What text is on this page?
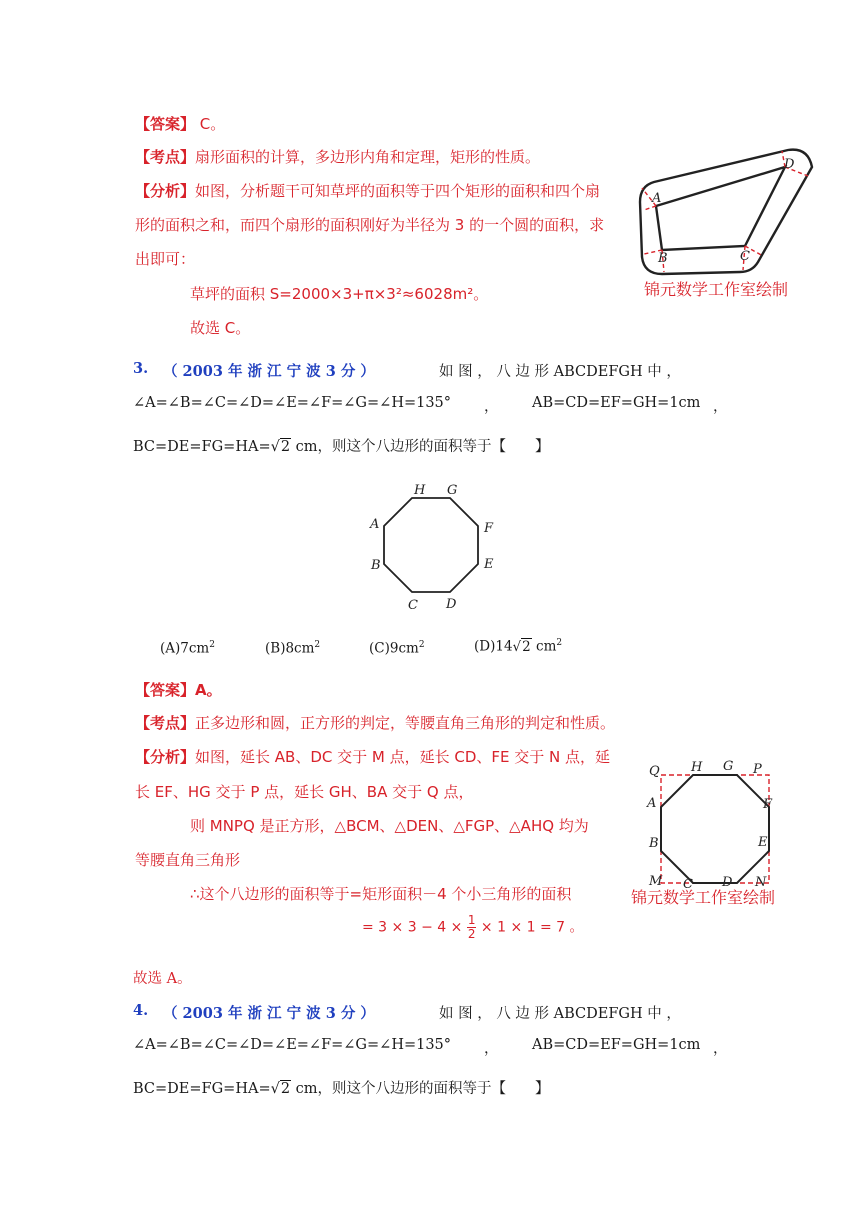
【答案】 C。
【考点】扇形面积的计算，多边形内角和定理，矩形的性质。
【分析】如图，分析题干可知草坪的面积等于四个矩形的面积和四个扇
形的面积之和，而四个扇形的面积刚好为半径为 3 的一个圆的面积，求
出即可：
草坪的面积 S=2000×3+π×3²≈6028m²。
故选 C。
A
B	C
D
锦元数学工作室绘制
3. （ 2003 年 浙 江 宁 波 3 分 ）	如 图 ， 八 边 形 ABCDEFGH 中 ，
∠A=∠B=∠C=∠D=∠E=∠F=∠G=∠H=135° ， AB=CD=EF=GH=1cm ，
BC=DE=FG=HA=√2 cm，则这个八边形的面积等于【　　】
H G
A	F
B	E
C D
$(A)7cm^2$	$(B)8cm^2$	$(C)9cm^2$	(D)14√2 $cm^2$
【答案】A。
【考点】正多边形和圆，正方形的判定，等腰直角三角形的判定和性质。
【分析】如图，延长 AB、DC 交于 M 点，延长 CD、FE 交于 N 点，延
长 EF、HG 交于 P 点，延长 GH、BA 交于 Q 点，
则 MNPQ 是正方形，△BCM、△DEN、△FGP、△AHQ 均为
等腰直角三角形
∴这个八边形的面积等于=矩形面积－4 个小三角形的面积
= $3 \times 3 - 4 \times \frac{1}{2} \times 1 \times 1 = 7$ 。
Q H G P
A	F
B	E
M C D N
锦元数学工作室绘制
故选 A。
4. （ 2003 年 浙 江 宁 波 3 分 ）	如 图 ， 八 边 形 ABCDEFGH 中 ，
∠A=∠B=∠C=∠D=∠E=∠F=∠G=∠H=135° ， AB=CD=EF=GH=1cm ，
BC=DE=FG=HA=√2 cm，则这个八边形的面积等于【　　】
